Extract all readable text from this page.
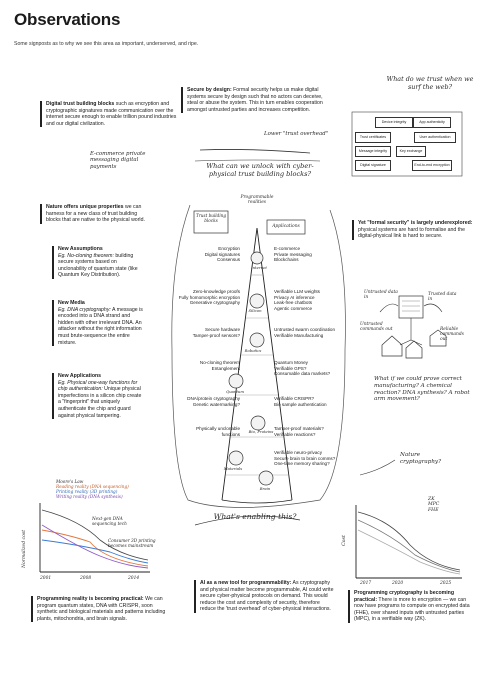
Observations
Some signposts as to why we see this area as important, underserved, and ripe.
Digital trust building blocks such as encryption and cryptographic signatures made communication over the internet secure enough to enable trillion pound industries and our digital civilization.
E-commerce private messaging digital payments
Secure by design: Formal security helps us make digital systems secure by design such that no actors can deceive, steal or abuse the system. This in turn enables cooperation amongst untrusted parties and increases competition.
Lower "trust overhead"
What do we trust when we surf the web?
Device integrity	App authenticity
Trust certificates	User authentication
Message integrity	Key exchange
Digital signature	End-to-end encryption
Nature offers unique properties we can harness for a new class of trust building blocks that are native to the physical world.
New Assumptions
Eg. No-cloning theorem: building secure systems based on unclonability of quantum state (like Quantum Key Distribution).
New Media
Eg. DNA cryptography: A message is encoded into a DNA strand and hidden with other irrelevant DNA. An attacker without the right information must brute-sequence the entire mixture.
New Applications
Eg. Physical one-way functions for chip authentication: Unique physical imperfections in a silicon chip create a "fingerprint" that uniquely authenticate the chip and guard against physical tampering.
What can we unlock with cyber-physical trust building blocks?
Programmable realities
Trust building blocks
Applications
Encryption
Digital signatures
Consensus
E-commerce
Private messaging
Blockchains
Internet
Zero-knowledge proofs
Fully homomorphic encryption
Generative cryptography
Verifiable LLM weights
Privacy AI inference
Leak-free chatbots
Agentic commerce
Silicon
Secure hardware
Tamper-proof sensors?
Untrusted swarm coordination
Verifiable Manufacturing
Robotics
No-cloning theorem
Entanglement
Quantum Money
Verifiable GPS?
Consumable data markets?
Quantum
DNA/protein cryptography
Genetic watermarking?
Verifiable CRISPR?
Bio sample authentication
Bio, Proteins
Physically unclonable
functions
Tamper-proof materials?
Verifiable reactions?
Materials
Verifiable neuro-privacy
Secure brain to brain comms?
One-time memory sharing?
Brain
Yet "formal security" is largely underexplored: physical systems are hard to formalise and the digital-physical link is hard to secure.
Untrusted data in
Trusted data in
Reliable commands out
Untrusted commands out
What if we could prove correct manufacturing? A chemical reaction? DNA synthesis? A robot arm movement?
Nature cryptography?
What's enabling this?
Moore's Law
Reading reality (DNA sequencing)
Printing reality (3D printing)
Writing reality (DNA synthesis)
Normalized cost
2001	2008	2014
Next-gen DNA sequencing tech
Consumer 3D printing becomes mainstream
ZK
MPC
FHE
Cost
2017	2020	2025
Programming reality is becoming practical: We can program quantum states, DNA with CRISPR, soon synthetic and biological materials and patterns including plants, mitochondria, and brain signals.
AI as a new tool for programmability: As cryptography and physical matter become programmable, AI could write secure cyber-physical protocols on demand. This would reduce the cost and complexity of security, therefore reduce the 'trust overhead' of cyber-physical interactions.
Programming cryptography is becoming practical: There is more to encryption — we can now have programs to compute on encrypted data (FHE), over shared inputs with untrusted parties (MPC), in a verifiable way (ZK).
